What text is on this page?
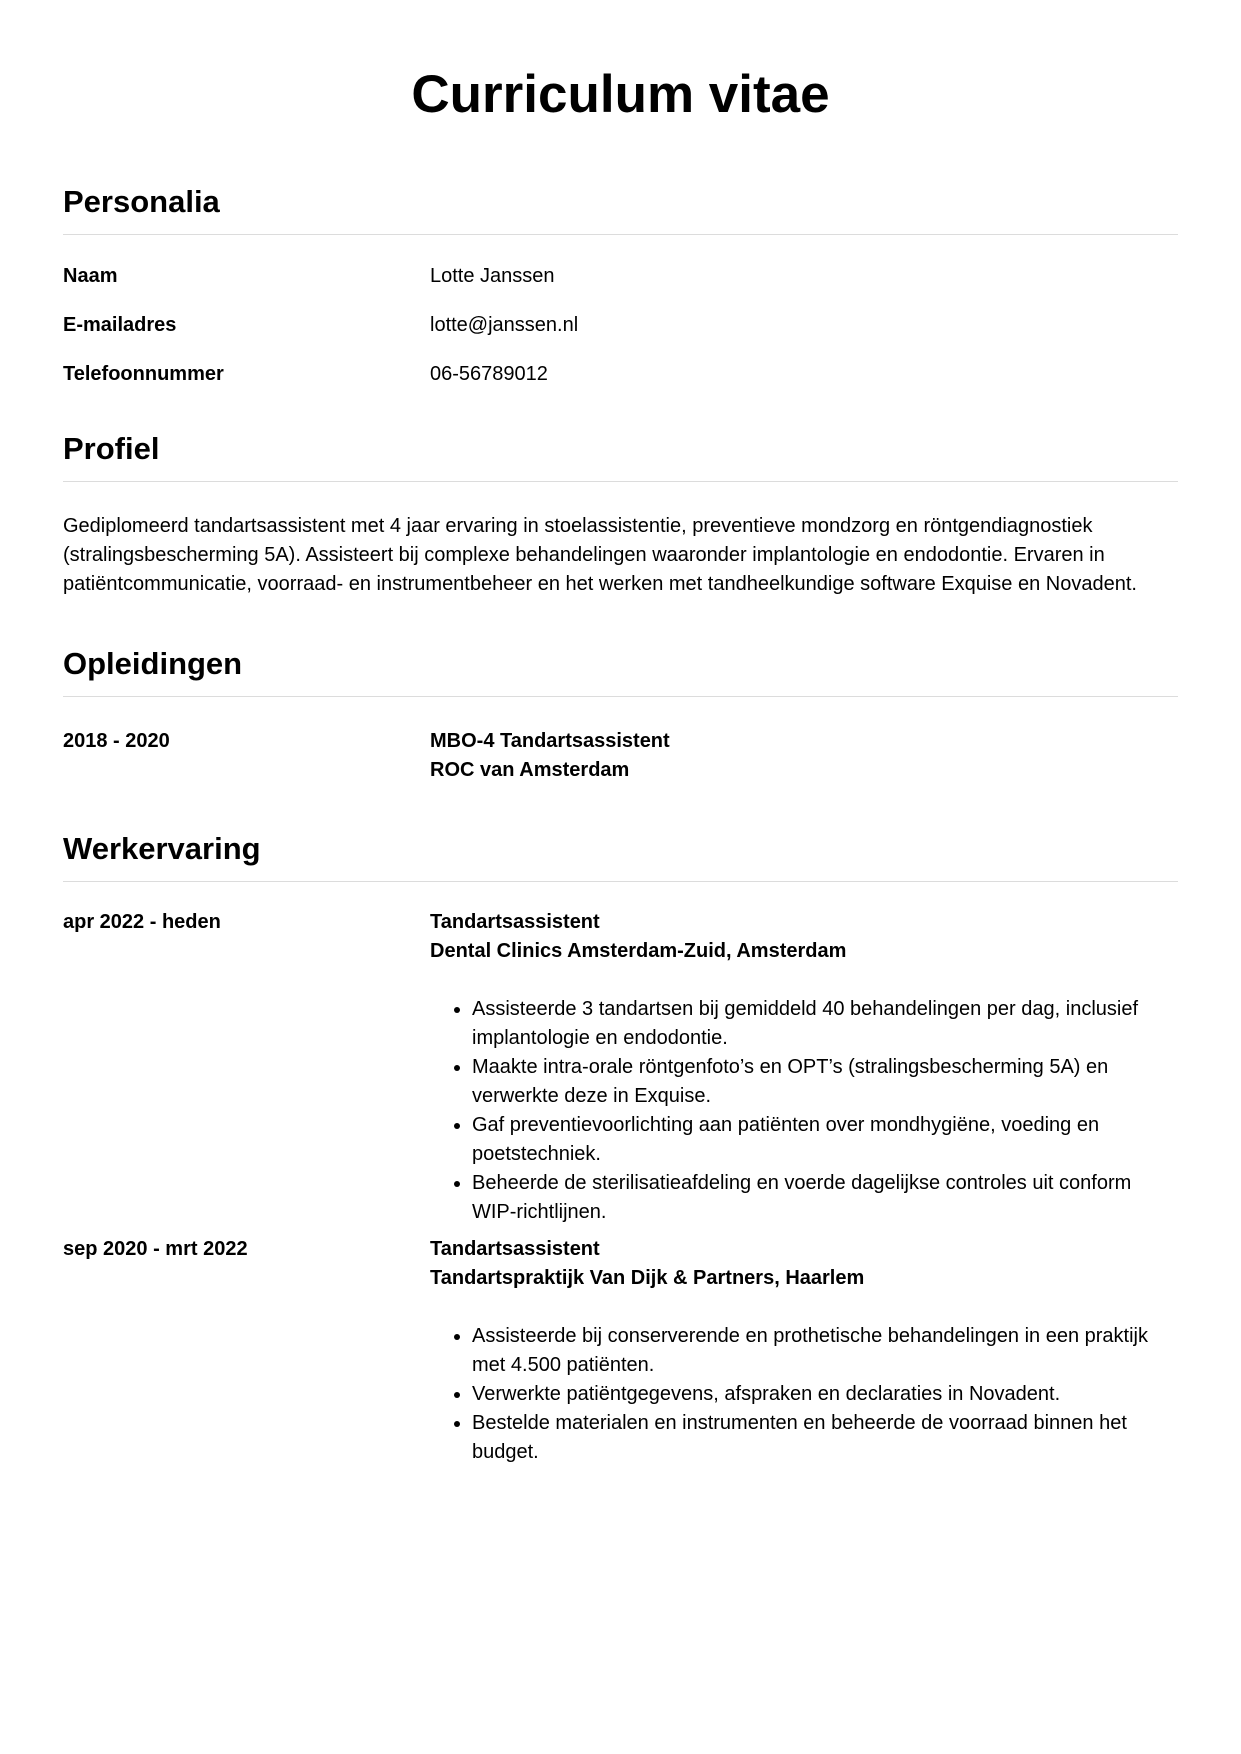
Curriculum vitae
Personalia
Naam	Lotte Janssen
E-mailadres	lotte@janssen.nl
Telefoonnummer	06-56789012
Profiel

Gediplomeerd tandartsassistent met 4 jaar ervaring in stoelassistentie, preventieve mondzorg en röntgendiagnostiek (stralingsbescherming 5A). Assisteert bij complexe behandelingen waaronder implantologie en endodontie. Ervaren in patiëntcommunicatie, voorraad- en instrumentbeheer en het werken met tandheelkundige software Exquise en Novadent.

Opleidingen
2018 - 2020	MBO-4 Tandartsassistent
ROC van Amsterdam
Werkervaring
apr 2022 - heden	Tandartsassistent
Dental Clinics Amsterdam-Zuid, Amsterdam
• Assisteerde 3 tandartsen bij gemiddeld 40 behandelingen per dag, inclusief implantologie en endodontie.
• Maakte intra-orale röntgenfoto’s en OPT’s (stralingsbescherming 5A) en verwerkte deze in Exquise.
• Gaf preventievoorlichting aan patiënten over mondhygiëne, voeding en poetstechniek.
• Beheerde de sterilisatieafdeling en voerde dagelijkse controles uit conform WIP-richtlijnen.
sep 2020 - mrt 2022	Tandartsassistent
Tandartspraktijk Van Dijk & Partners, Haarlem
• Assisteerde bij conserverende en prothetische behandelingen in een praktijk met 4.500 patiënten.
• Verwerkte patiëntgegevens, afspraken en declaraties in Novadent.
• Bestelde materialen en instrumenten en beheerde de voorraad binnen het budget.
